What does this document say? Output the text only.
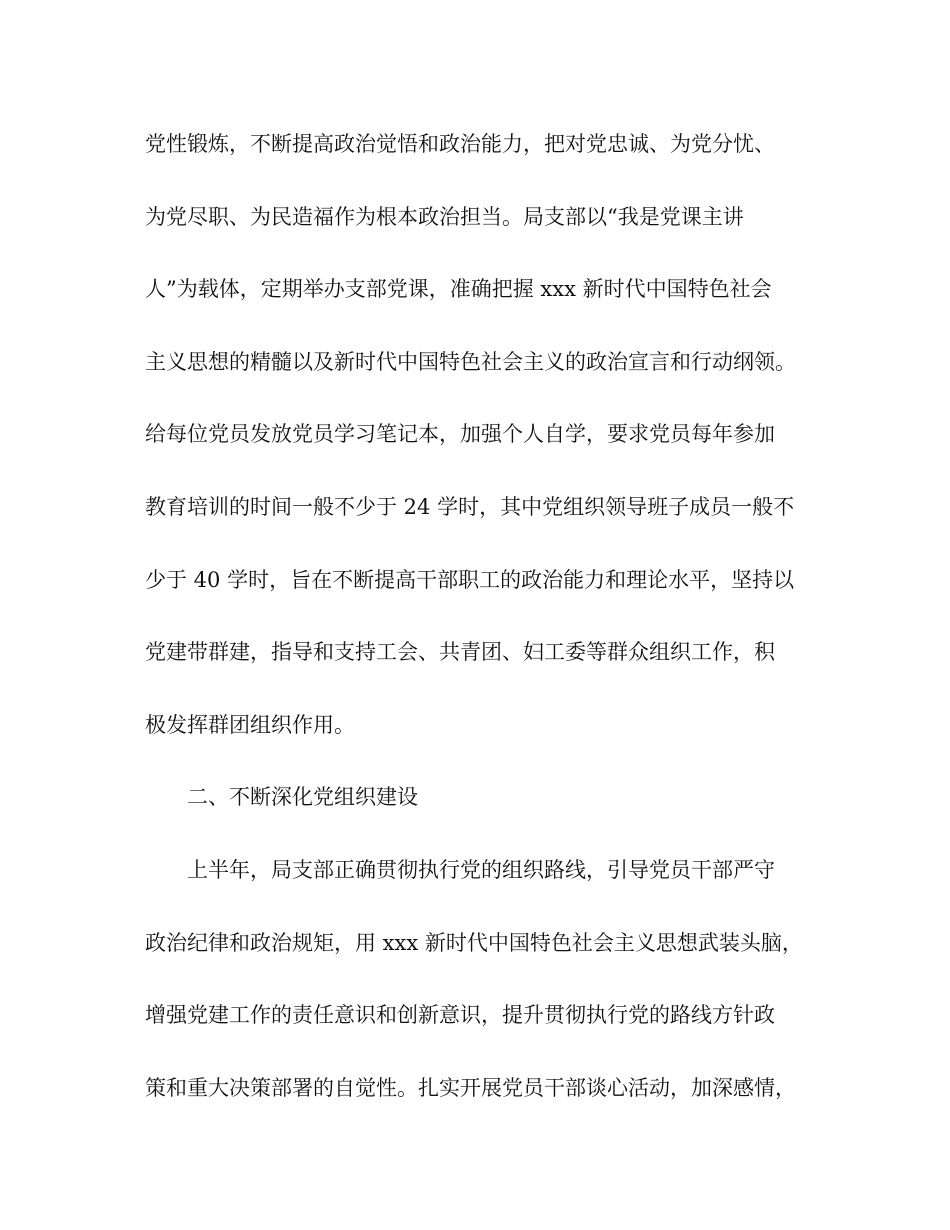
党性锻炼，不断提高政治觉悟和政治能力，把对党忠诚、为党分忧、
为党尽职、为民造福作为根本政治担当。局支部以“我是党课主讲
人”为载体，定期举办支部党课，准确把握 xxx 新时代中国特色社会
主义思想的精髓以及新时代中国特色社会主义的政治宣言和行动纲领。
给每位党员发放党员学习笔记本，加强个人自学，要求党员每年参加
教育培训的时间一般不少于 24 学时，其中党组织领导班子成员一般不
少于 40 学时，旨在不断提高干部职工的政治能力和理论水平，坚持以
党建带群建，指导和支持工会、共青团、妇工委等群众组织工作，积
极发挥群团组织作用。
二、不断深化党组织建设
上半年，局支部正确贯彻执行党的组织路线，引导党员干部严守
政治纪律和政治规矩，用 xxx 新时代中国特色社会主义思想武装头脑，
增强党建工作的责任意识和创新意识，提升贯彻执行党的路线方针政
策和重大决策部署的自觉性。扎实开展党员干部谈心活动，加深感情，
